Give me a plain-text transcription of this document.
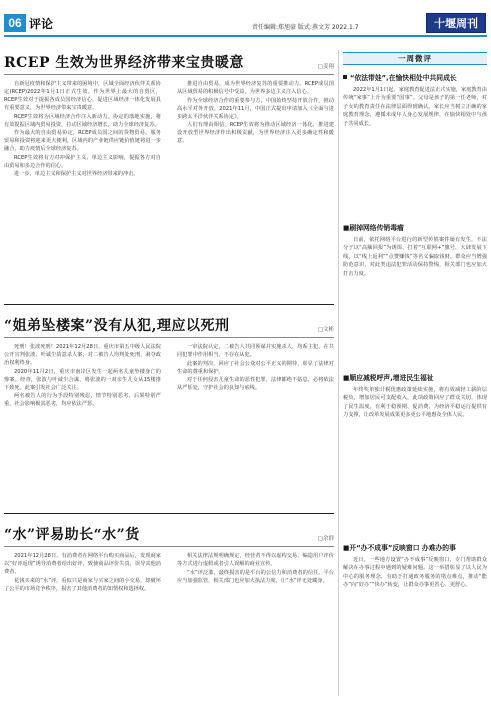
06 评论	责任编辑:郑旭豪 版式:燕文芳 2022.1.7	十堰周刊
RCEP 生效为世界经济带来宝贵暖意	□姜翔

自新冠疫情和保护主义带来的困境中，区域全面经济伙伴关系协定(RCEP)2022年1月1日正式生效。作为世界上最大的自贸区，RCEP生效对于提振各成员国经济信心、促进区域经济一体化发展具有重要意义，为世界经济带来宝贵暖意。

RCEP生效将为区域经济合作注入新动力。协定的落地实施，将有效提振区域内贸易投资，拉动区域经济增长，助力全球经济复苏。

作为最大的自由贸易协定，RCEP成员国之间的货物贸易、服务贸易和投资将迎来更大便利，区域内的产业链供应链价值链将进一步融合，助力疫情后全球经济复苏。

RCEP生效将有力对冲保护主义、单边主义影响，提振各方对自由贸易和多边合作的信心。

进一步，单边主义和保护主义对世界经济带来的冲击。

推进自由贸易，成为世界经济复苏的重要推动力。RCEP成员国从区域贸易的积极信号中受益，为世界多边主义注入信心。

作为全球经济合作的重要参与方，中国始终坚持开放合作，推动高水平对外开放。2021年11月，中国正式提出申请加入《全面与进步跨太平洋伙伴关系协定》。

人们有理由相信，RCEP生效将为推动区域经济一体化，推进建设开放型世界经济作出积极贡献，为世界经济注入更多确定性和暖意。

“姐弟坠楼案”没有从犯,理应以死刑	□文彬

死刑！张波死刑！2021年12月28日，重庆市第五中级人民法院公开宣判张波、叶诚尘故意杀人案，对二被告人均判处死刑，剥夺政治权利终身。

2020年11月2日，重庆市南岸区发生一起两名儿童坠楼身亡的惨案。经查，张波与叶诚尘合谋，将张波的一双亲生儿女从15楼推下致死。此案引发社会广泛关注。

两名被告人的行为手段特别残忍，情节特别恶劣，后果特别严重，社会影响极其恶劣，均应依法严惩。

一审法院认定，二被告人共同预谋并实施杀人，均系主犯，在共同犯罪中作用相当，不存在从犯。

此案的判决，回应了社会公众对公平正义的期待，彰显了法律对生命的尊重和保护。

对于任何侵害儿童生命的恶性犯罪，法律都绝不姑息，必将依法从严惩处，守护社会的良知与底线。

“水”评易助长“水”货	□余群

2021年12月28日，有消费者在网络平台购买商品后，发现商家以“好评返现”诱导消费者给出好评，致使商品评价失真，误导其他消费者。

花钱买来的“水”评，看似只是商家与买家之间的小交易，却破坏了公平的市场竞争秩序，损害了其他消费者的知情权和选择权。

相关法律法规明确规定，经营者不得以虚构交易、编造用户评价等方式进行虚假或者引人误解的商业宣传。

“水”评泛滥，最终损害的是平台的公信力和消费者的信任。平台应当加强监管，相关部门也应加大执法力度，让“水”评无处藏身。

一周微评
“依法带娃”,在愉快相处中共同成长

2022年1月1日起，家庭教育促进法正式实施，家庭教育由传统“家事”上升为重要“国事”。父母是孩子的第一任老师，对子女的教育责任在法律层面得到确认。家长应当树立正确的家庭教育理念，遵循未成年人身心发展规律，在愉快相处中与孩子共同成长。

■刷掉网络传销毒瘤

日前，依托网络平台进行的新型传销案件屡有发生，不法分子以“高额回报”为诱饵，打着“互联网+”旗号，大肆发展下线，以“线上返利”“点赞赚钱”等名义骗取钱财。群众应当增强防范意识，对此类违法犯罪活动保持警惕，相关部门也应加大打击力度。

■顺应减税呼声,增进民生福祉

年终奖单独计税优惠政策延续实施，将有效减轻工薪阶层税负，增加居民可支配收入。此项政策回应了群众关切，体现了民生温度，有利于稳预期、促消费，为经济平稳运行提供有力支撑，让改革发展成果更多更公平地惠及全体人民。

■开“办不成事”反映窗口 办难办的事

近日，一些地方设置“办不成事”反映窗口，专门帮助群众解决在办事过程中遇到的疑难问题。这一举措彰显了以人民为中心的服务理念，有助于打通政务服务的堵点难点，推动“能办”向“好办”“快办”转变，让群众办事更省心、更舒心。
